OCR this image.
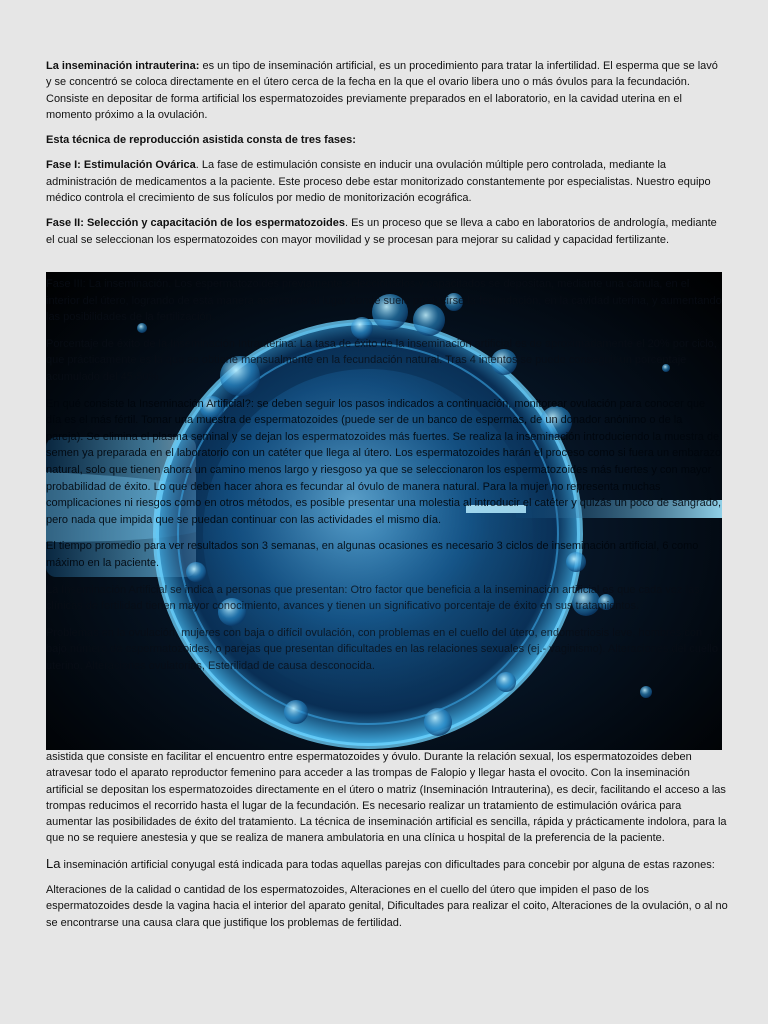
La inseminación intrauterina: es un tipo de inseminación artificial, es un procedimiento para tratar la infertilidad. El esperma que se lavó y se concentró se coloca directamente en el útero cerca de la fecha en la que el ovario libera uno o más óvulos para la fecundación. Consiste en depositar de forma artificial los espermatozoides previamente preparados en el laboratorio, en la cavidad uterina en el momento próximo a la ovulación.

Esta técnica de reproducción asistida consta de tres fases:

Fase I: Estimulación Ovárica. La fase de estimulación consiste en inducir una ovulación múltiple pero controlada, mediante la administración de medicamentos a la paciente. Este proceso debe estar monitorizado constantemente por especialistas. Nuestro equipo médico controla el crecimiento de sus folículos por medio de monitorización ecográfica.

Fase II: Selección y capacitación de los espermatozoides. Es un proceso que se lleva a cabo en laboratorios de andrología, mediante el cual se seleccionan los espermatozoides con mayor movilidad y se procesan para mejorar su calidad y capacidad fertilizante.

Fase III: La inseminación. Los espermatozoides previamente seleccionados y capacitados se depositan, mediante una cánula, en el interior del útero, logrando de esta manera acercarlos al lugar donde suele producirse la fecundación, en la cavidad uterina, y aumentando las posibilidades de la fertilización.

Porcentaje de éxito de la Inseminación Intrauterina: La tasa de éxito de la inseminación artificial es de aproximadamente el 20% por ciclo, que prácticamente es la que se obtiene mensualmente en la fecundación natural. Tras 4 intentos se puede conseguir un porcentaje acumulado del 45-50%.

En qué consiste la Inseminación Artificial?: se deben seguir los pasos indicados a continuación, monitorear ovulación para conocer que día es el más fértil. Tomar una muestra de espermatozoides (puede ser de un banco de espermas, de un donador anónimo o de la pareja). Se elimina el plasma seminal y se dejan los espermatozoides más fuertes. Se realiza la inseminación introduciendo la muestra de semen ya preparada en el laboratorio con un catéter que llega al útero. Los espermatozoides harán el proceso como si fuera un embarazo natural, solo que tienen ahora un camino menos largo y riesgoso ya que se seleccionaron los espermatozoides más fuertes y con mayor probabilidad de éxito. Lo que deben hacer ahora es fecundar al óvulo de manera natural. Para la mujer no representa muchas complicaciones ni riesgos como en otros métodos, es posible presentar una molestia al introducir el catéter y quizás un poco de sangrado, pero nada que impida que se puedan continuar con las actividades el mismo día.

El tiempo promedio para ver resultados son 3 semanas, en algunas ocasiones es necesario 3 ciclos de inseminación artificial, 6 como máximo en la paciente.

La Inseminación Artificial se indica a personas que presentan: Otro factor que beneficia a la inseminación artificial es que cada vez las clínicas de fertilidad tienen mayor conocimiento, avances y tienen un significativo porcentaje de éxito en sus tratamientos.

Problemas en la ovulación, mujeres con baja o difícil ovulación, con problemas en el cuello del útero, endometriosis leve, hombres con bajo número de espermatozoides, o parejas que presentan dificultades en las relaciones sexuales (ej.- vaginismo). Alteraciones del cuello uterino, Alteraciones ovulatorias, Esterilidad de causa desconocida.

asistida que consiste en facilitar el encuentro entre espermatozoides y óvulo. Durante la relación sexual, los espermatozoides deben atravesar todo el aparato reproductor femenino para acceder a las trompas de Falopio y llegar hasta el ovocito. Con la inseminación artificial se depositan los espermatozoides directamente en el útero o matriz (Inseminación Intrauterina), es decir, facilitando el acceso a las trompas reducimos el recorrido hasta el lugar de la fecundación. Es necesario realizar un tratamiento de estimulación ovárica para aumentar las posibilidades de éxito del tratamiento. La técnica de inseminación artificial es sencilla, rápida y prácticamente indolora, para la que no se requiere anestesia y que se realiza de manera ambulatoria en una clínica u hospital de la preferencia de la paciente.

La inseminación artificial conyugal está indicada para todas aquellas parejas con dificultades para concebir por alguna de estas razones:

Alteraciones de la calidad o cantidad de los espermatozoides, Alteraciones en el cuello del útero que impiden el paso de los espermatozoides desde la vagina hacia el interior del aparato genital, Dificultades para realizar el coito, Alteraciones de la ovulación, o al no se encontrarse una causa clara que justifique los problemas de fertilidad.
